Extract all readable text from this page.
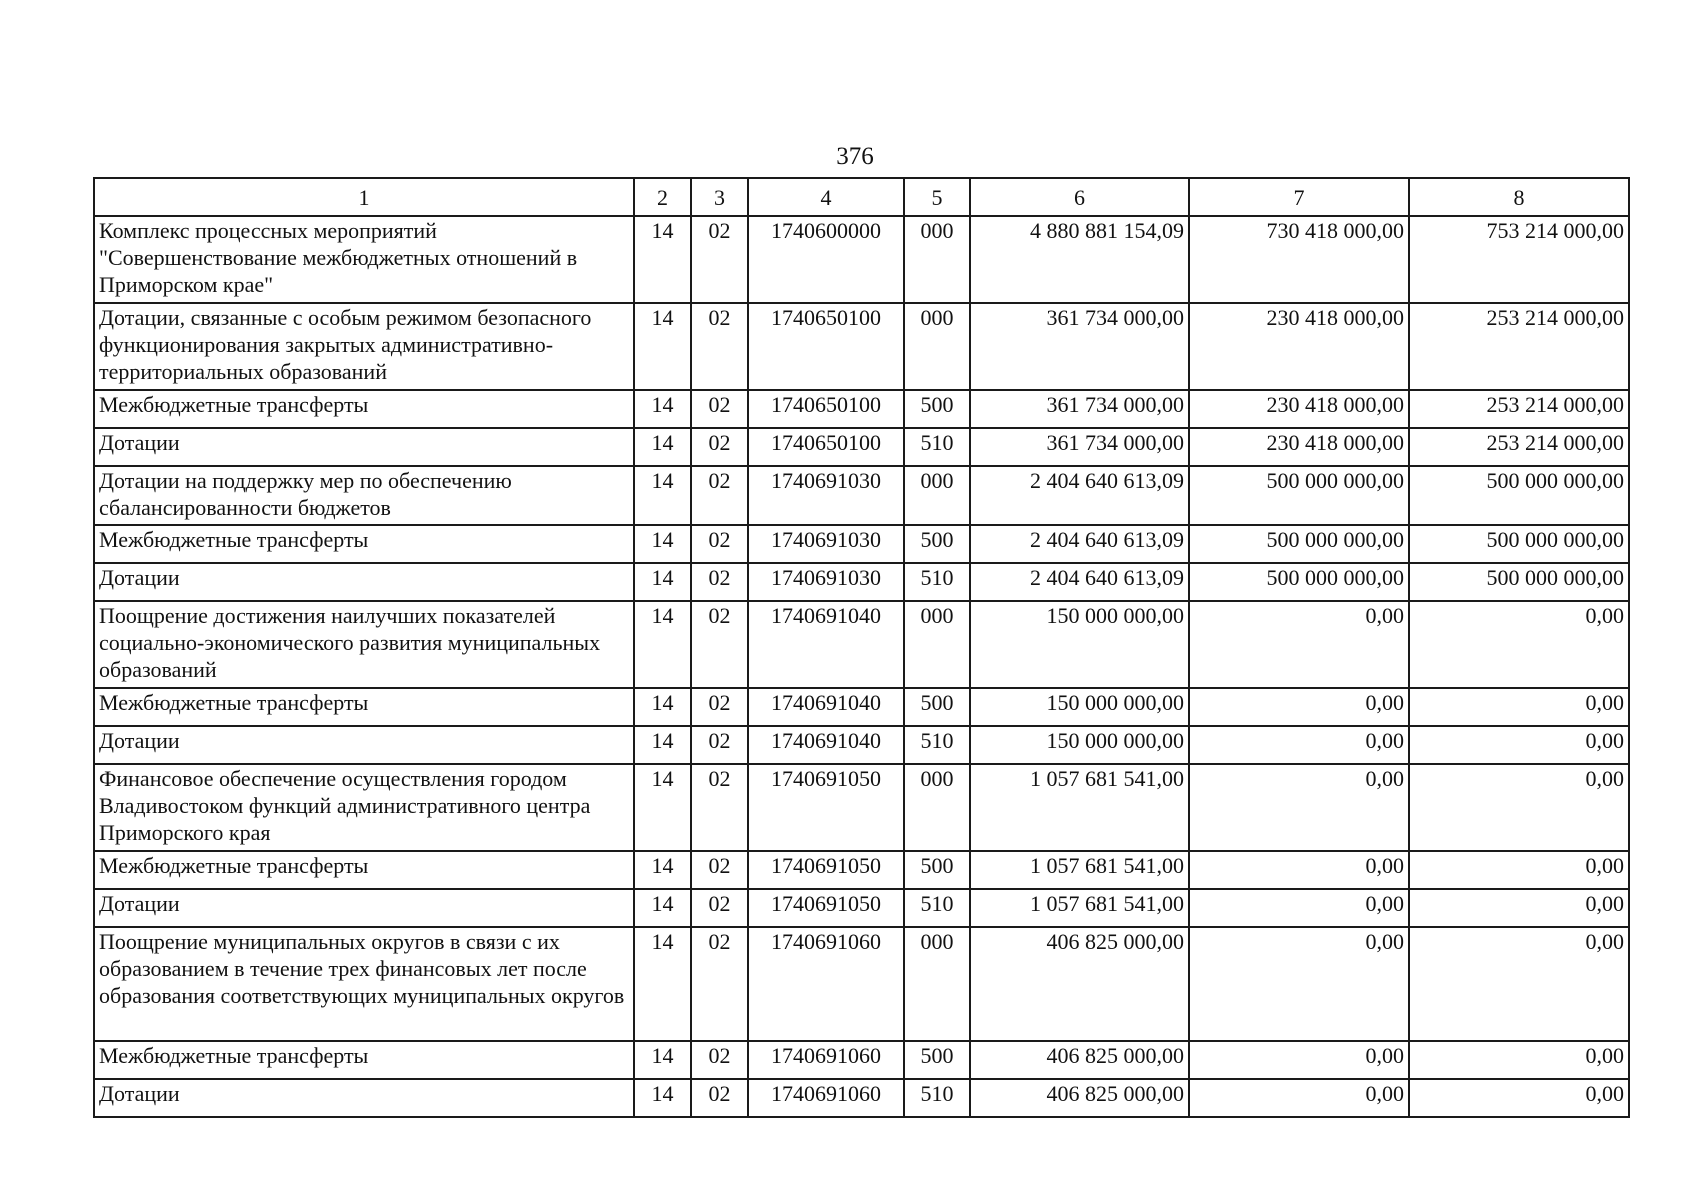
376
1	2	3	4	5	6	7	8
Комплекс процессных мероприятий "Совершенствование межбюджетных отношений в Приморском крае"	14	02	1740600000	000	4 880 881 154,09	730 418 000,00	753 214 000,00
Дотации, связанные с особым режимом безопасного функционирования закрытых административно-территориальных образований	14	02	1740650100	000	361 734 000,00	230 418 000,00	253 214 000,00
Межбюджетные трансферты	14	02	1740650100	500	361 734 000,00	230 418 000,00	253 214 000,00
Дотации	14	02	1740650100	510	361 734 000,00	230 418 000,00	253 214 000,00
Дотации на поддержку мер по обеспечению сбалансированности бюджетов	14	02	1740691030	000	2 404 640 613,09	500 000 000,00	500 000 000,00
Межбюджетные трансферты	14	02	1740691030	500	2 404 640 613,09	500 000 000,00	500 000 000,00
Дотации	14	02	1740691030	510	2 404 640 613,09	500 000 000,00	500 000 000,00
Поощрение достижения наилучших показателей социально-экономического развития муниципальных образований	14	02	1740691040	000	150 000 000,00	0,00	0,00
Межбюджетные трансферты	14	02	1740691040	500	150 000 000,00	0,00	0,00
Дотации	14	02	1740691040	510	150 000 000,00	0,00	0,00
Финансовое обеспечение осуществления городом Владивостоком функций административного центра Приморского края	14	02	1740691050	000	1 057 681 541,00	0,00	0,00
Межбюджетные трансферты	14	02	1740691050	500	1 057 681 541,00	0,00	0,00
Дотации	14	02	1740691050	510	1 057 681 541,00	0,00	0,00
Поощрение муниципальных округов в связи с их образованием в течение трех финансовых лет после образования соответствующих муниципальных округов	14	02	1740691060	000	406 825 000,00	0,00	0,00
Межбюджетные трансферты	14	02	1740691060	500	406 825 000,00	0,00	0,00
Дотации	14	02	1740691060	510	406 825 000,00	0,00	0,00
